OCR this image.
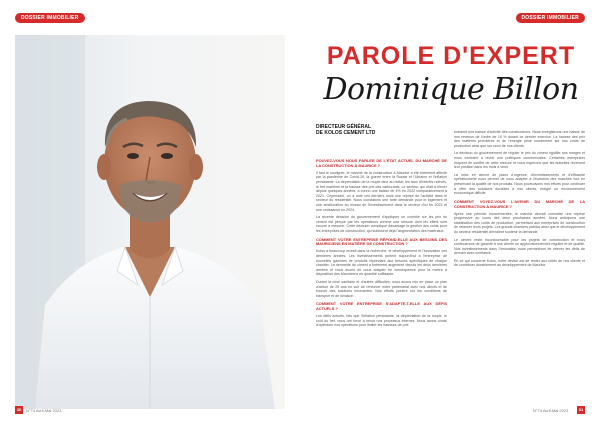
DOSSIER IMMOBILIER	DOSSIER IMMOBILIER
PAROLE D'EXPERT
Dominique Billon
DIRECTEUR GÉNÉRAL
DE KOLOS CEMENT LTD

POUVEZ-VOUS NOUS PARLER DE L'ÉTAT ACTUEL DU MARCHÉ DE LA CONSTRUCTION À MAURICE ?

Il faut le souligner, le marché de la construction à Maurice a été fortement affecté par la pandémie de Covid-19, la guerre entre la Russie et l'Ukraine et l'inflation persistante. La dépréciation de la roupie face au dollar, les taux d'intérêts relevés, le fret maritime et la hausse des prix des carburants. Le secteur, qui était à élever depuis quelques années, a connu une baisse de 4% en 2022 comparativement à 2021. Cependant, on a noté ces derniers mois une reprise de l'activité dans le secteur du résidentiel. Nous constatons une forte demande pour le logement et une amélioration au niveau de l'investissement dans le secteur d'ici fin 2023 et une croissance en 2024.

La récente décision du gouvernement d'appliquer un contrôle sur les prix du ciment est perçue par les opérateurs comme une mesure dont les effets sont encore à mesurer. Cette décision complique davantage la gestion des coûts pour les entreprises de construction, qui subissent déjà l'augmentation des matériaux.

COMMENT VOTRE ENTREPRISE RÉPOND-ELLE AUX BESOINS DES MAURICIENS EN MATIÈRE DE CONSTRUCTION ?

Kolos a beaucoup investi dans la recherche, le développement et l'innovation ces dernières années. Les investissements portent aujourd'hui à l'entreprise de nouvelles gammes de produits répondant aux besoins spécifiques de chaque chantier. La demande de ciment a fortement augmenté depuis les deux dernières années et nous avons dû nous adapter en conséquence pour la mettre à disposition des Mauriciens en quantité suffisante.

Durant la crise sanitaire et d'autres difficultés, nous avons mis en place un plan d'action de 25 ans en vue de renforcer notre partenariat avec nos clients et de trouver des solutions innovantes. Nos efforts portent sur les conditions de transport et de livraison.

COMMENT VOTRE ENTREPRISE S'ADAPTE-T-ELLE AUX DÉFIS ACTUELS ?

Les défis actuels, tels que l'inflation persistante, la dépréciation de la roupie, le coût du fret, nous ont forcé à revoir nos processus internes. Nous avons choisi d'optimiser nos opérations pour limiter les hausses de prix.

entraîné une baisse d'activité des constructeurs. Nous enregistrons une baisse de nos revenus de l'ordre de 10 % durant ce dernier exercice. La hausse des prix des matières premières et de l'énergie pèse lourdement sur nos coûts de production ainsi que sur ceux de nos clients.

La décision du gouvernement de réguler le prix du ciment rigidifie nos marges et nous contraint à revoir nos politiques commerciales. Certaines entreprises risquent de souffrir de cette mesure et nous espérons que les autorités reverront leur position dans les mois à venir.

La mise en œuvre de plans d'urgence, d'investissements et d'efficacité opérationnelle nous permet de nous adapter à l'évolution des marchés tout en préservant la qualité de nos produits. Nous poursuivons nos efforts pour continuer à offrir des solutions durables à nos clients, malgré un environnement économique difficile.

COMMENT VOYEZ-VOUS L'AVENIR DU MARCHÉ DE LA CONSTRUCTION À MAURICE ?

Après une période mouvementée, le marché devrait connaître une reprise progressive au cours des deux prochaines années. Nous anticipons une stabilisation des coûts de production, permettant aux entreprises de construction de relancer leurs projets. Les grands chantiers publics ainsi que le développement du secteur résidentiel devraient soutenir la demande.

Le ciment reste incontournable pour les projets de construction et nous continuerons de garantir à nos clients un approvisionnement régulier et de qualité. Nos investissements dans l'innovation nous permettront de relever les défis de demain avec confiance.

En ce qui concerne Kolos, notre devise est de rester aux côtés de nos clients et de contribuer durablement au développement de Maurice.

30	N°74 Avril-Mai 2023	N°74 Avril-Mai 2023	31
